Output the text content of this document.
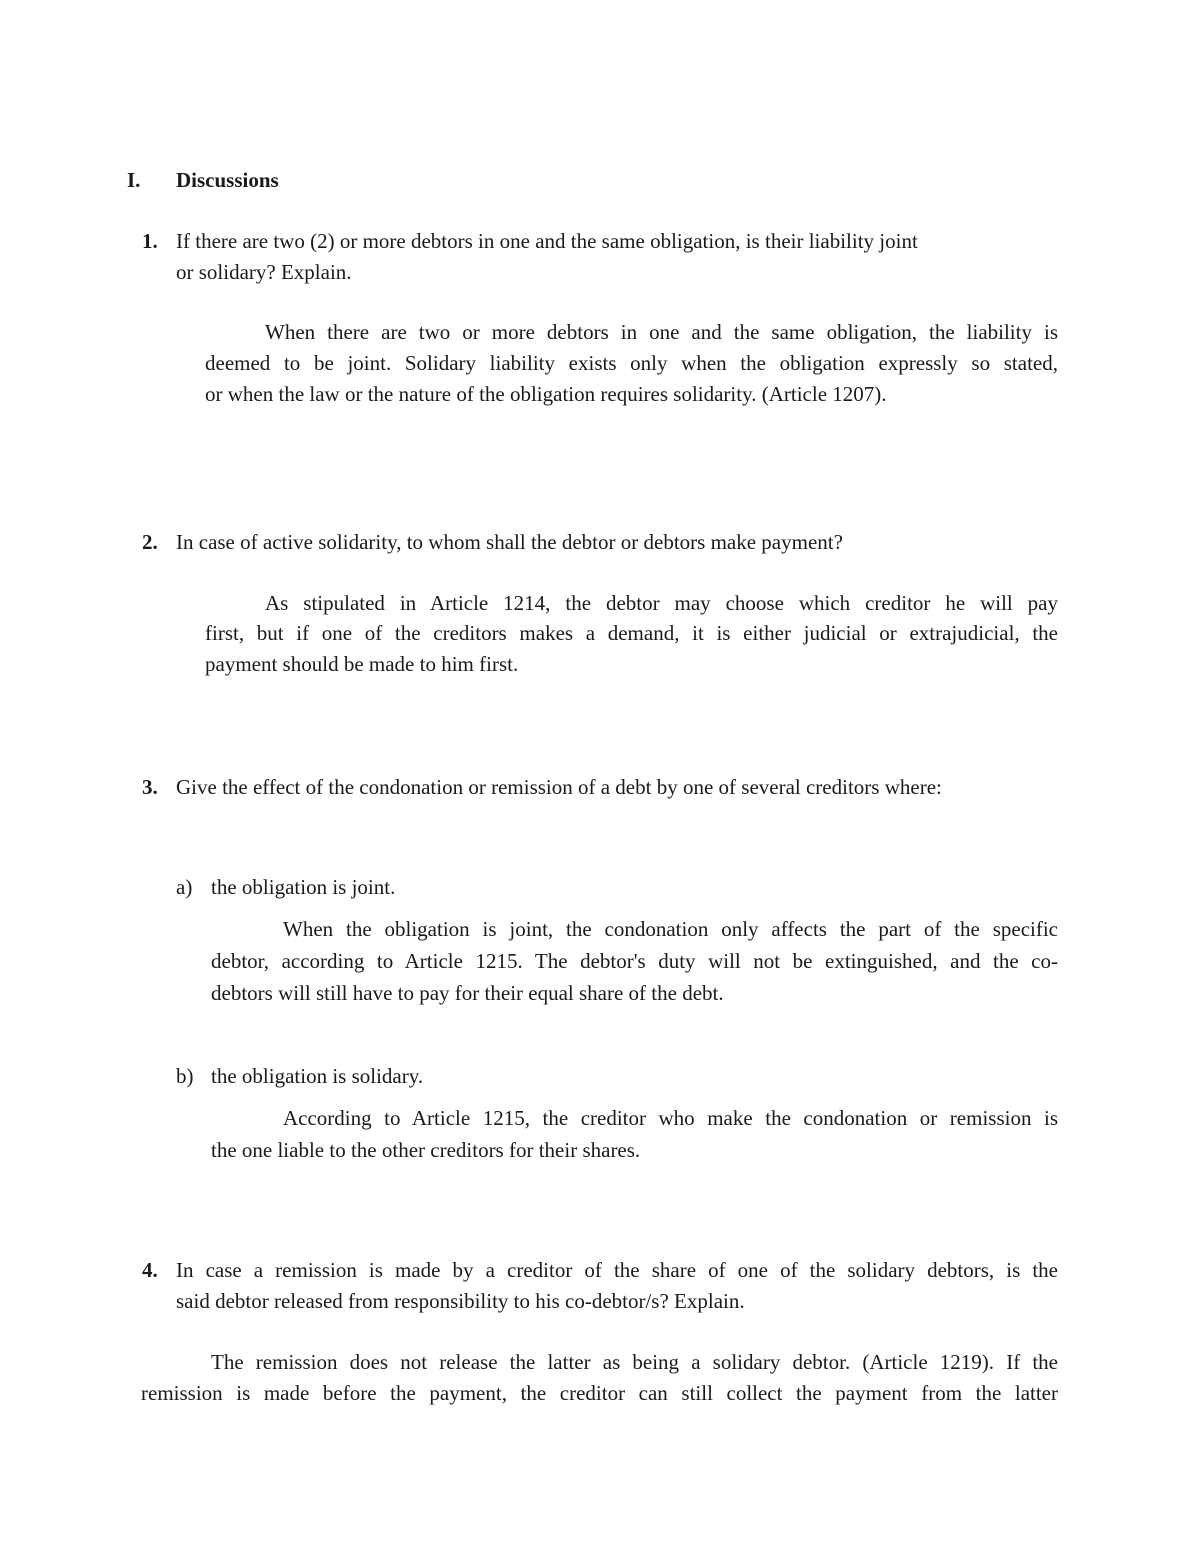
I. Discussions
1. If there are two (2) or more debtors in one and the same obligation, is their liability joint
or solidary? Explain.
When there are two or more debtors in one and the same obligation, the liability is
deemed to be joint. Solidary liability exists only when the obligation expressly so stated,
or when the law or the nature of the obligation requires solidarity. (Article 1207).
2. In case of active solidarity, to whom shall the debtor or debtors make payment?
As stipulated in Article 1214, the debtor may choose which creditor he will pay
first, but if one of the creditors makes a demand, it is either judicial or extrajudicial, the
payment should be made to him first.
3. Give the effect of the condonation or remission of a debt by one of several creditors where:
a) the obligation is joint.
When the obligation is joint, the condonation only affects the part of the specific
debtor, according to Article 1215. The debtor's duty will not be extinguished, and the co-
debtors will still have to pay for their equal share of the debt.
b) the obligation is solidary.
According to Article 1215, the creditor who make the condonation or remission is
the one liable to the other creditors for their shares.
4. In case a remission is made by a creditor of the share of one of the solidary debtors, is the
said debtor released from responsibility to his co-debtor/s? Explain.
The remission does not release the latter as being a solidary debtor. (Article 1219). If the
remission is made before the payment, the creditor can still collect the payment from the latter
